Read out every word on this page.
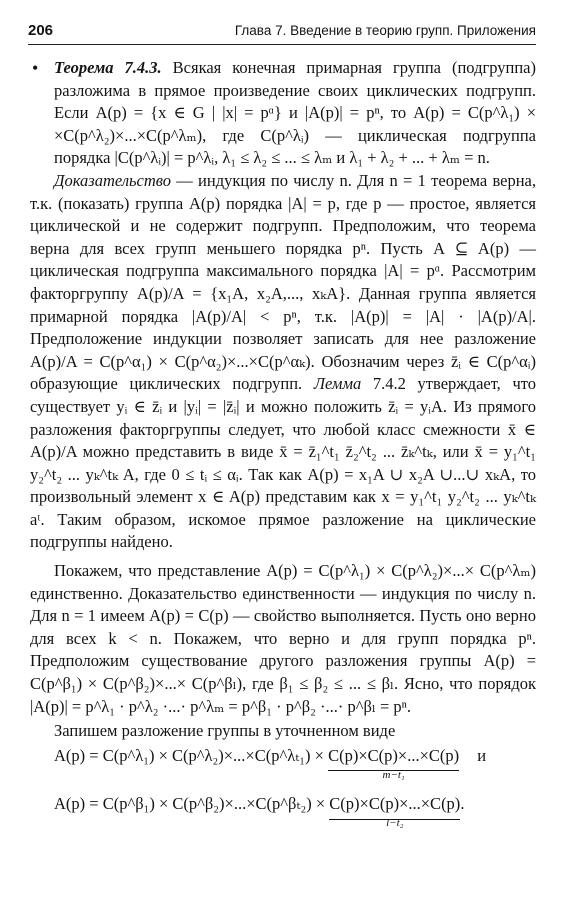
206	Глава 7. Введение в теорию групп. Приложения

• Теорема 7.4.3. Всякая конечная примарная группа (подгруппа) разложима в прямое произведение своих циклических подгрупп. Если A(p) = {x ∈ G | |x| = pᵅ} и |A(p)| = pⁿ, то A(p) = C(p^λ₁) × ×C(p^λ₂)×...×C(p^λₘ), где C(p^λᵢ) — циклическая подгруппа порядка |C(p^λᵢ)| = p^λᵢ, λ₁ ≤ λ₂ ≤ ... ≤ λₘ и λ₁ + λ₂ + ... + λₘ = n.

Доказательство — индукция по числу n. Для n = 1 теорема верна, т.к. (показать) группа A(p) порядка |A| = p, где p — простое, является циклической и не содержит подгрупп. Предположим, что теорема верна для всех групп меньшего порядка pⁿ. Пусть A ⊆ A(p) — циклическая подгруппа максимального порядка |A| = pᵅ. Рассмотрим факторгруппу A(p)/A = {x₁A, x₂A,..., xₖA}. Данная группа является примарной порядка |A(p)/A| < pⁿ, т.к. |A(p)| = |A| · |A(p)/A|. Предположение индукции позволяет записать для нее разложение A(p)/A = C(p^α₁) × C(p^α₂)×...×C(p^αₖ). Обозначим через z̄ᵢ ∈ C(p^αᵢ) образующие циклических подгрупп. Лемма 7.4.2 утверждает, что существует yᵢ ∈ z̄ᵢ и |yᵢ| = |z̄ᵢ| и можно положить z̄ᵢ = yᵢA. Из прямого разложения факторгруппы следует, что любой класс смежности x̄ ∈ A(p)/A можно представить в виде x̄ = z̄₁^t₁ z̄₂^t₂ ... z̄ₖ^tₖ, или x̄ = y₁^t₁ y₂^t₂ ... yₖ^tₖ A, где 0 ≤ tᵢ ≤ αᵢ. Так как A(p) = x₁A ∪ x₂A ∪...∪ xₖA, то произвольный элемент x ∈ A(p) представим как x = y₁^t₁ y₂^t₂ ... yₖ^tₖ aᵗ. Таким образом, искомое прямое разложение на циклические подгруппы найдено.

Покажем, что представление A(p) = C(p^λ₁) × C(p^λ₂)×...× C(p^λₘ) единственно. Доказательство единственности — индукция по числу n. Для n = 1 имеем A(p) = C(p) — свойство выполняется. Пусть оно верно для всех k < n. Покажем, что верно и для групп порядка pⁿ. Предположим существование другого разложения группы A(p) = C(p^β₁) × C(p^β₂)×...× C(p^βₗ), где β₁ ≤ β₂ ≤ ... ≤ βₗ. Ясно, что порядок |A(p)| = p^λ₁ · p^λ₂ ·...· p^λₘ = p^β₁ · p^β₂ ·...· p^βₗ = pⁿ.

Запишем разложение группы в уточненном виде

A(p) = C(p^λ₁) × C(p^λ₂)×...×C(p^λₜ₁) × C(p)×C(p)×...×C(p)
m−t₁
и
A(p) = C(p^β₁) × C(p^β₂)×...×C(p^βₜ₂) × C(p)×C(p)×...×C(p)
l−t₂
.
